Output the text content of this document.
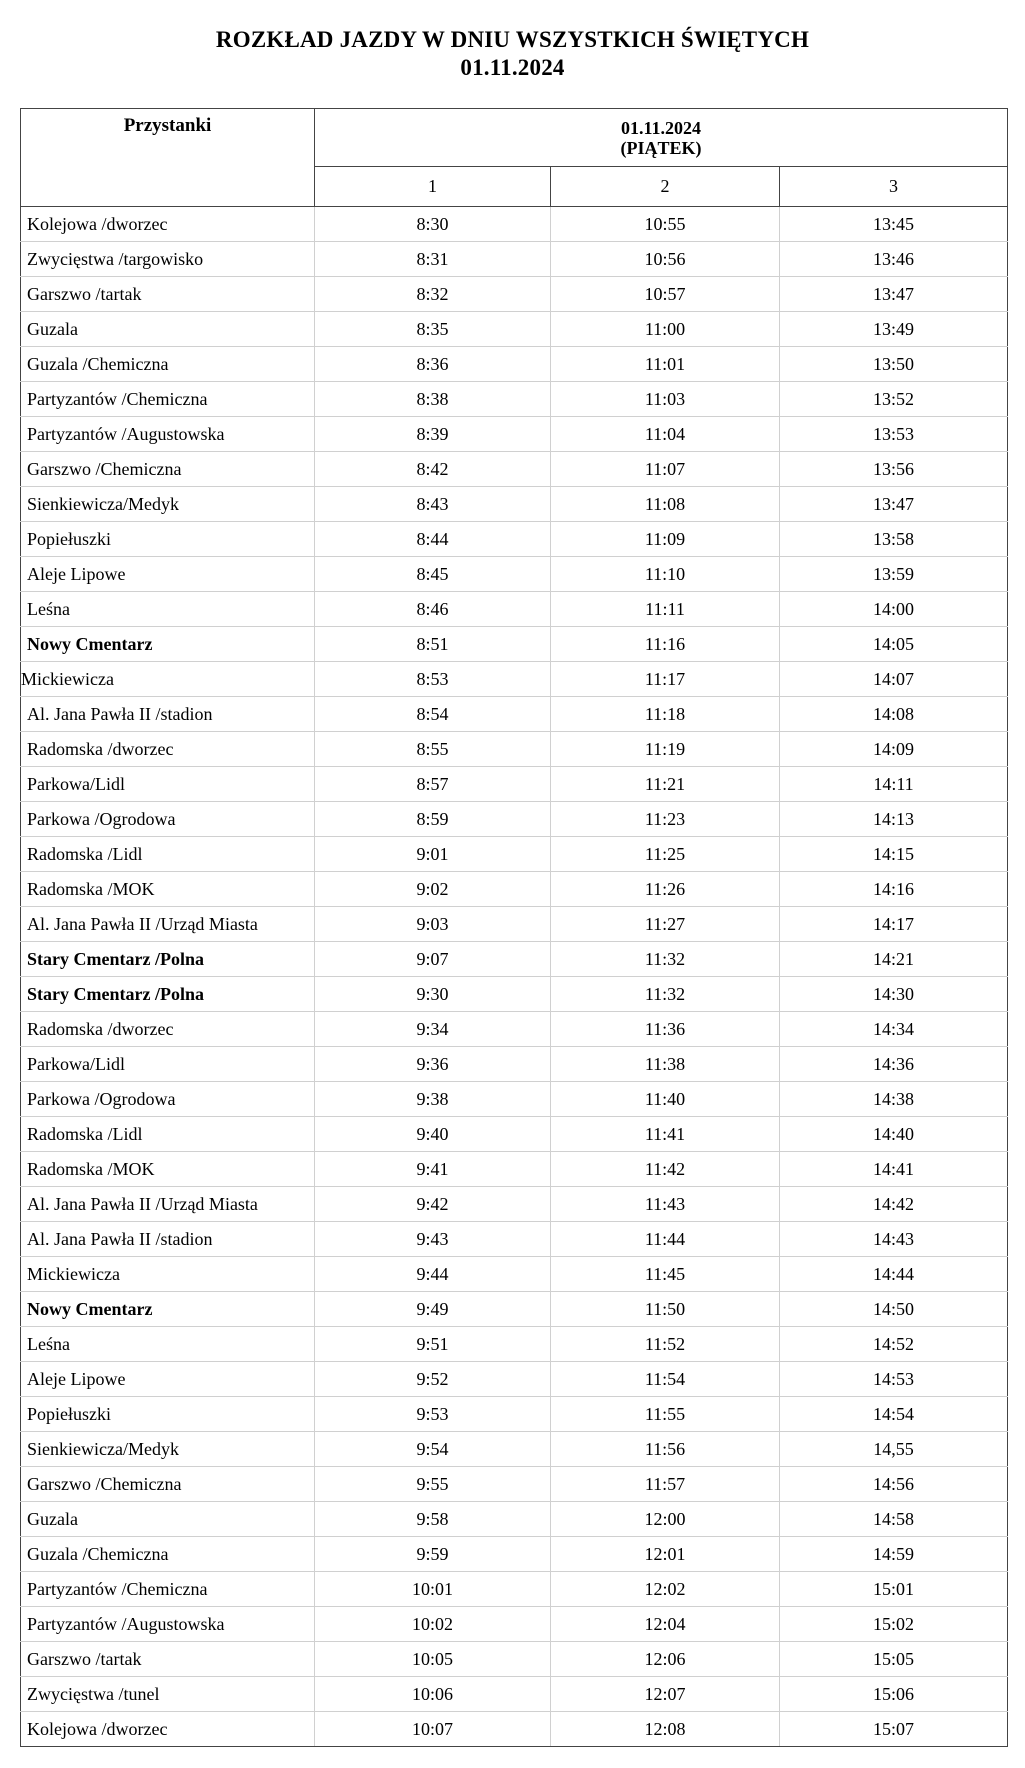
ROZKŁAD JAZDY W DNIU WSZYSTKICH ŚWIĘTYCH
01.11.2024
Przystanki	01.11.2024
(PIĄTEK)		

	1	2	3
Kolejowa /dworzec	8:30	10:55	13:45
Zwycięstwa /targowisko	8:31	10:56	13:46
Garszwo /tartak	8:32	10:57	13:47
Guzala	8:35	11:00	13:49
Guzala /Chemiczna	8:36	11:01	13:50
Partyzantów /Chemiczna	8:38	11:03	13:52
Partyzantów /Augustowska	8:39	11:04	13:53
Garszwo /Chemiczna	8:42	11:07	13:56
Sienkiewicza/Medyk	8:43	11:08	13:47
Popiełuszki	8:44	11:09	13:58
Aleje Lipowe	8:45	11:10	13:59
Leśna	8:46	11:11	14:00
Nowy Cmentarz	8:51	11:16	14:05
Mickiewicza	8:53	11:17	14:07
Al. Jana Pawła II /stadion	8:54	11:18	14:08
Radomska /dworzec	8:55	11:19	14:09
Parkowa/Lidl	8:57	11:21	14:11
Parkowa /Ogrodowa	8:59	11:23	14:13
Radomska /Lidl	9:01	11:25	14:15
Radomska /MOK	9:02	11:26	14:16
Al. Jana Pawła II /Urząd Miasta	9:03	11:27	14:17
Stary Cmentarz /Polna	9:07	11:32	14:21
Stary Cmentarz /Polna	9:30	11:32	14:30
Radomska /dworzec	9:34	11:36	14:34
Parkowa/Lidl	9:36	11:38	14:36
Parkowa /Ogrodowa	9:38	11:40	14:38
Radomska /Lidl	9:40	11:41	14:40
Radomska /MOK	9:41	11:42	14:41
Al. Jana Pawła II /Urząd Miasta	9:42	11:43	14:42
Al. Jana Pawła II /stadion	9:43	11:44	14:43
Mickiewicza	9:44	11:45	14:44
Nowy Cmentarz	9:49	11:50	14:50
Leśna	9:51	11:52	14:52
Aleje Lipowe	9:52	11:54	14:53
Popiełuszki	9:53	11:55	14:54
Sienkiewicza/Medyk	9:54	11:56	14,55
Garszwo /Chemiczna	9:55	11:57	14:56
Guzala	9:58	12:00	14:58
Guzala /Chemiczna	9:59	12:01	14:59
Partyzantów /Chemiczna	10:01	12:02	15:01
Partyzantów /Augustowska	10:02	12:04	15:02
Garszwo /tartak	10:05	12:06	15:05
Zwycięstwa /tunel	10:06	12:07	15:06
Kolejowa /dworzec	10:07	12:08	15:07
